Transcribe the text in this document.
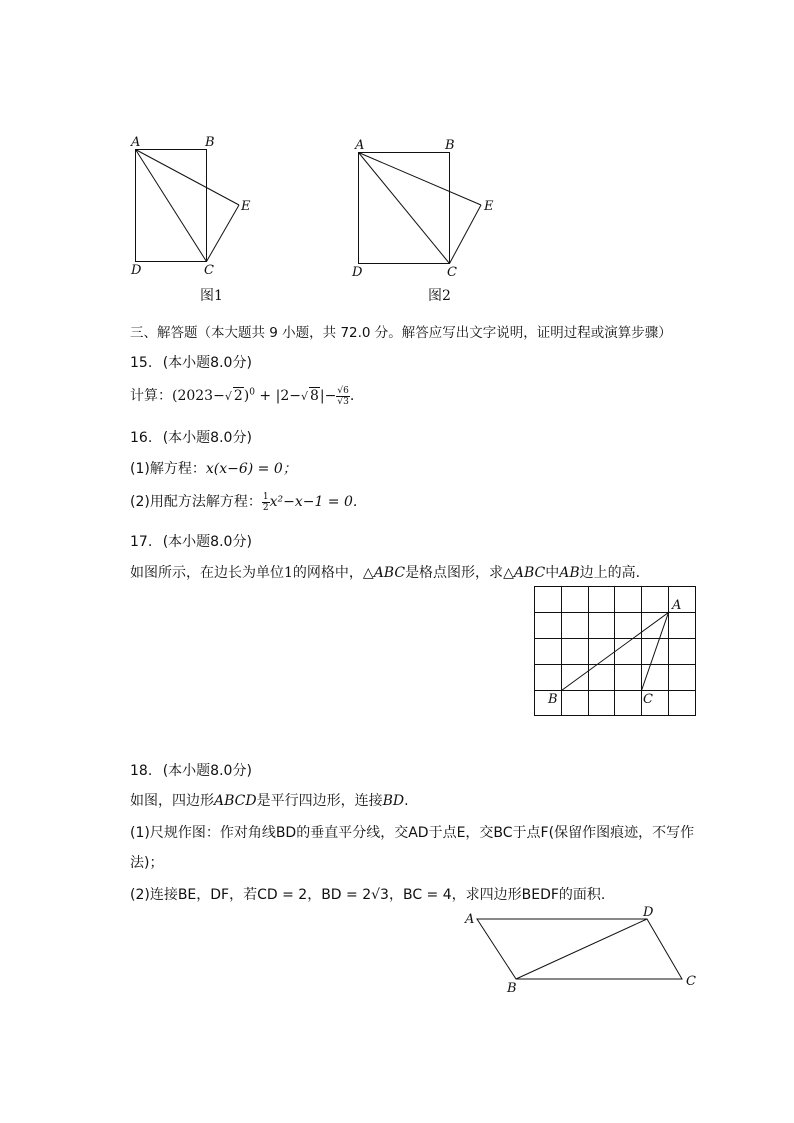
A	B
E
D	C
图1
A	B
E
D	C
图2
三、解答题（本大题共 9 小题，共 72.0 分。解答应写出文字说明，证明过程或演算步骤）
15. (本小题8.0分)
计算：(2023−√ 2)$^0$ + |2−√ $8|- \frac{√6}{√3}$ .
16. (本小题8.0分)
(1)解方程：x(x−6) = 0；
(2)用配方法解方程： $\frac{1}{2} x^2-x-1 = 0$.
17. (本小题8.0分)
如图所示，在边长为单位1的网格中，△ABC是格点图形，求△ABC中AB边上的高.
A
B	C
18. (本小题8.0分)
如图，四边形ABCD是平行四边形，连接BD.
(1)尺规作图：作对角线BD的垂直平分线，交AD于点E，交BC于点F(保留作图痕迹，不写作
法)；
(2)连接BE，DF，若CD = 2，BD = 2√3，BC = 4，求四边形BEDF的面积.
A	D
C
B
